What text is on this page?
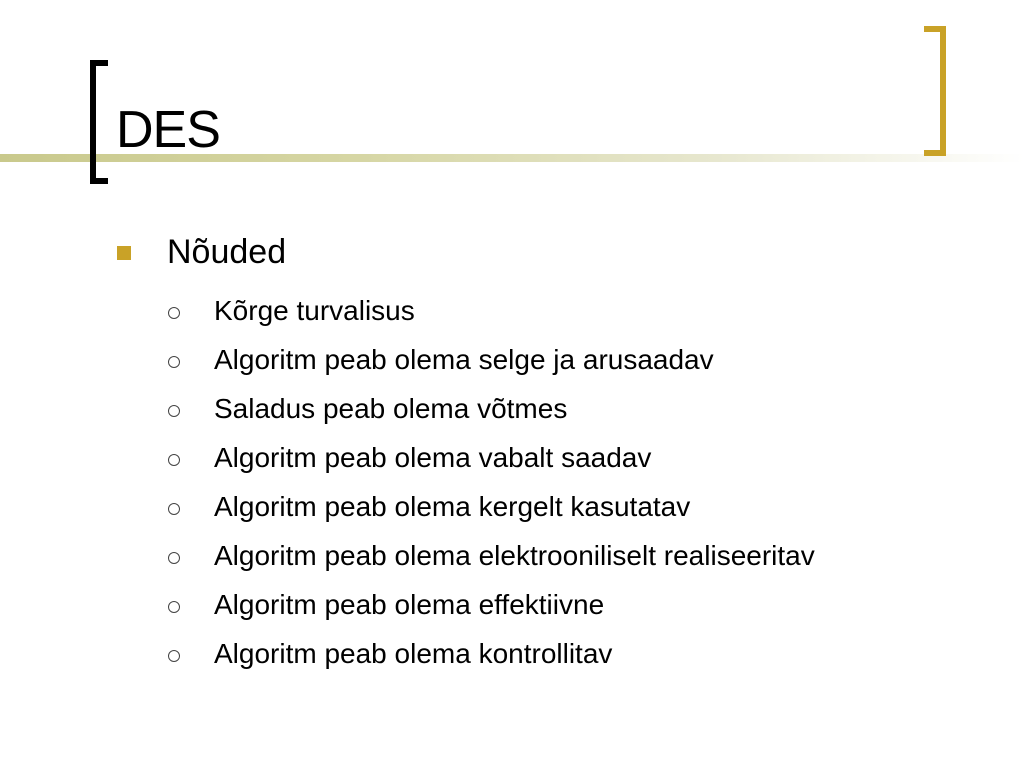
DES
Nõuded
Kõrge turvalisus
Algoritm peab olema selge ja arusaadav
Saladus peab olema võtmes
Algoritm peab olema vabalt saadav
Algoritm peab olema kergelt kasutatav
Algoritm peab olema elektrooniliselt realiseeritav
Algoritm peab olema effektiivne
Algoritm peab olema kontrollitav
